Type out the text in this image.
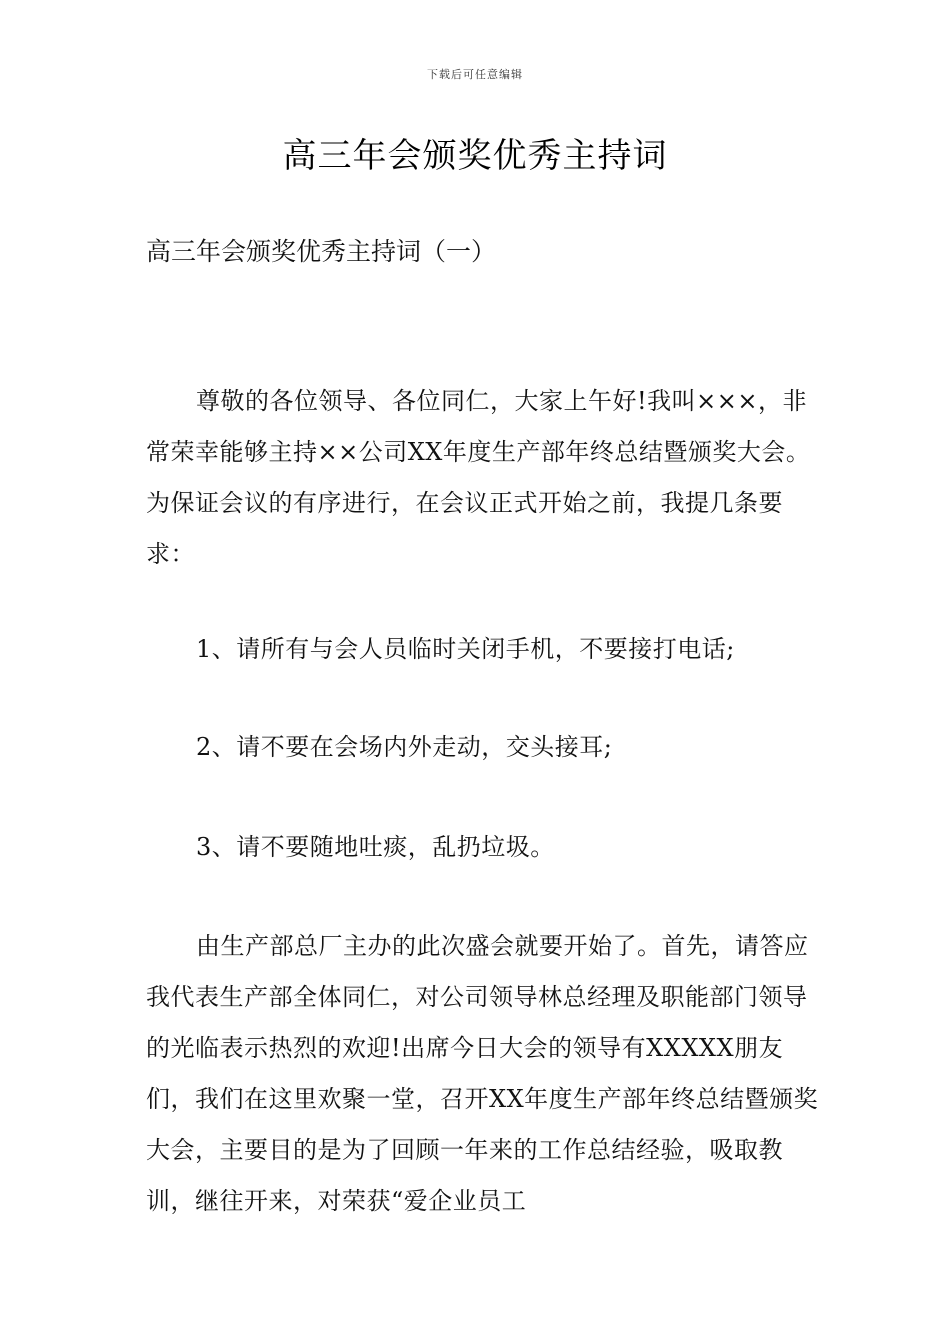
下载后可任意编辑
高三年会颁奖优秀主持词
高三年会颁奖优秀主持词（一）

尊敬的各位领导、各位同仁，大家上午好!我叫×××，非常荣幸能够主持××公司XX年度生产部年终总结暨颁奖大会。为保证会议的有序进行，在会议正式开始之前，我提几条要求：

1、请所有与会人员临时关闭手机，不要接打电话;

2、请不要在会场内外走动，交头接耳;

3、请不要随地吐痰，乱扔垃圾。

由生产部总厂主办的此次盛会就要开始了。首先，请答应我代表生产部全体同仁，对公司领导林总经理及职能部门领导的光临表示热烈的欢迎!出席今日大会的领导有XXXXX朋友们，我们在这里欢聚一堂，召开XX年度生产部年终总结暨颁奖大会，主要目的是为了回顾一年来的工作总结经验，吸取教训，继往开来，对荣获“爱企业员工
